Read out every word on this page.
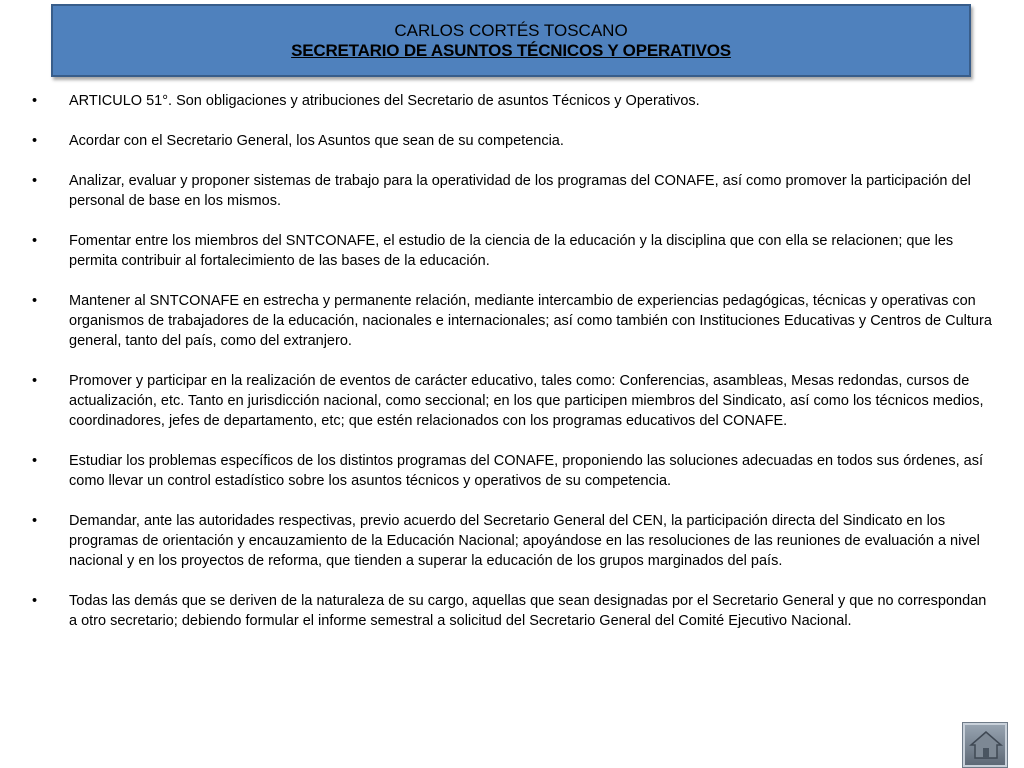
CARLOS CORTÉS TOSCANO
SECRETARIO DE ASUNTOS TÉCNICOS Y OPERATIVOS
• ARTICULO 51°. Son obligaciones y atribuciones del Secretario de asuntos Técnicos y Operativos.
• Acordar con el Secretario General, los Asuntos que sean de su competencia.
• Analizar, evaluar y proponer sistemas de trabajo para la operatividad de los programas del CONAFE, así como promover la participación del personal de base en los mismos.
• Fomentar entre los miembros del SNTCONAFE, el estudio de la ciencia de la educación y la disciplina que con ella se relacionen; que les permita contribuir al fortalecimiento de las bases de la educación.
• Mantener al SNTCONAFE en estrecha y permanente relación, mediante intercambio de experiencias pedagógicas, técnicas y operativas con organismos de trabajadores de la educación, nacionales e internacionales; así como también con Instituciones Educativas y Centros de Cultura general, tanto del país, como del extranjero.
• Promover y participar en la realización de eventos de carácter educativo, tales como: Conferencias, asambleas, Mesas redondas, cursos de actualización, etc. Tanto en jurisdicción nacional, como seccional; en los que participen miembros del Sindicato, así como los técnicos medios, coordinadores, jefes de departamento, etc; que estén relacionados con los programas educativos del CONAFE.
• Estudiar los problemas específicos de los distintos programas del CONAFE, proponiendo las soluciones adecuadas en todos sus órdenes, así como llevar un control estadístico sobre los asuntos técnicos y operativos de su competencia.
• Demandar, ante las autoridades respectivas, previo acuerdo del Secretario General del CEN, la participación directa del Sindicato en los programas de orientación y encauzamiento de la Educación Nacional; apoyándose en las resoluciones de las reuniones de evaluación a nivel nacional y en los proyectos de reforma, que tienden a superar la educación de los grupos marginados del país.
• Todas las demás que se deriven de la naturaleza de su cargo, aquellas que sean designadas por el Secretario General y que no correspondan a otro secretario; debiendo formular el informe semestral a solicitud del Secretario General del Comité Ejecutivo Nacional.
